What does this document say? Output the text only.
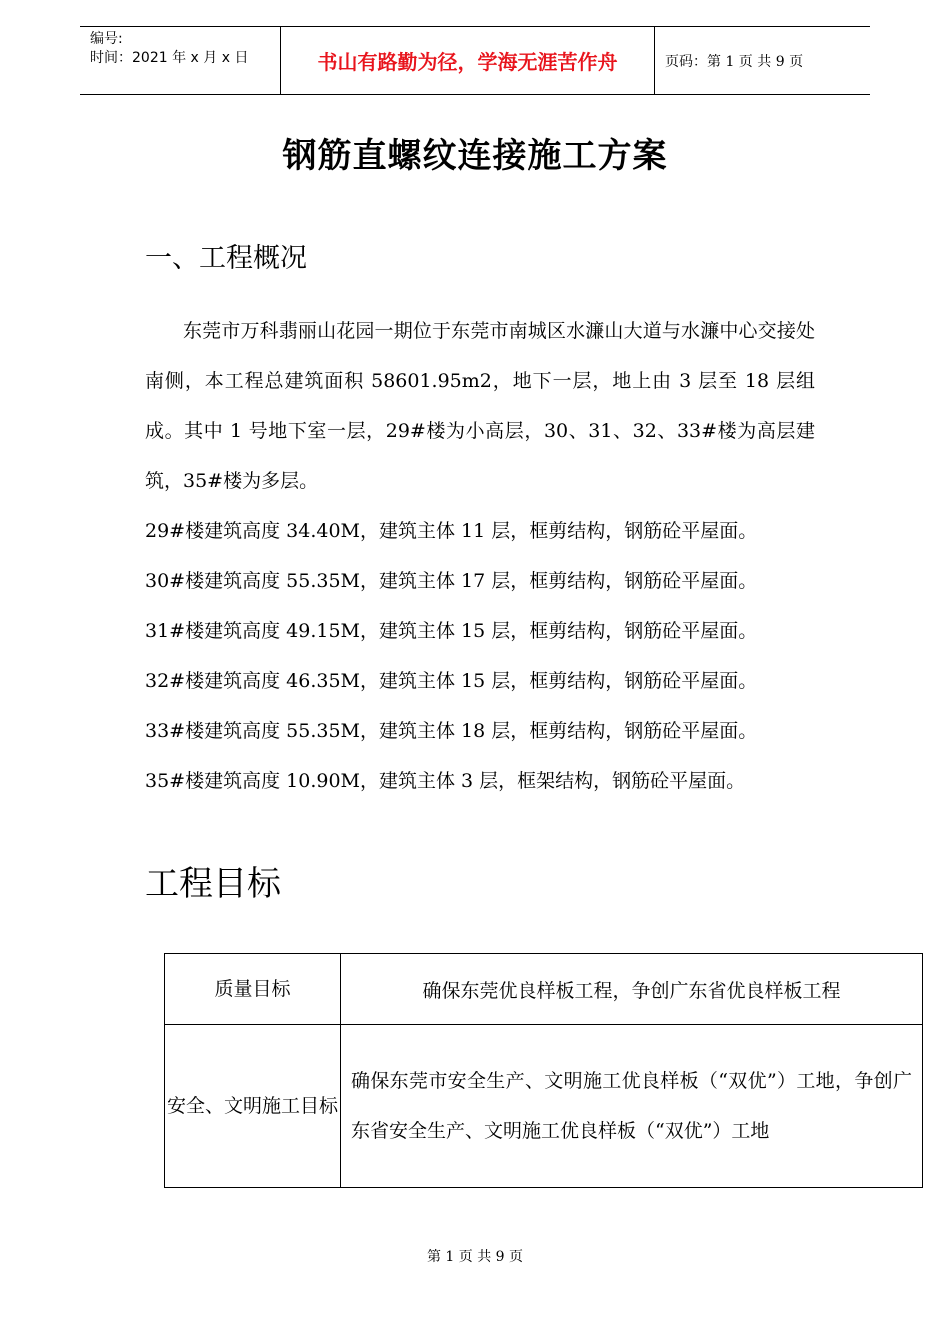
编号:
时间：2021 年 x 月 x 日	书山有路勤为径，学海无涯苦作舟	页码：第 1 页 共 9 页
钢筋直螺纹连接施工方案
一、工程概况

东莞市万科翡丽山花园一期位于东莞市南城区水濂山大道与水濂中心交接处南侧，本工程总建筑面积 58601.95m2，地下一层，地上由 3 层至 18 层组成。其中 1 号地下室一层，29#楼为小高层，30、31、32、33#楼为高层建筑，35#楼为多层。

29#楼建筑高度 34.40M，建筑主体 11 层，框剪结构，钢筋砼平屋面。

30#楼建筑高度 55.35M，建筑主体 17 层，框剪结构，钢筋砼平屋面。

31#楼建筑高度 49.15M，建筑主体 15 层，框剪结构，钢筋砼平屋面。

32#楼建筑高度 46.35M，建筑主体 15 层，框剪结构，钢筋砼平屋面。

33#楼建筑高度 55.35M，建筑主体 18 层，框剪结构，钢筋砼平屋面。

35#楼建筑高度 10.90M，建筑主体 3 层，框架结构，钢筋砼平屋面。

工程目标
质量目标	确保东莞优良样板工程，争创广东省优良样板工程
安全、文明施工目标	确保东莞市安全生产、文明施工优良样板（“双优”）工地，争创广东省安全生产、文明施工优良样板（“双优”）工地
第 1 页 共 9 页
